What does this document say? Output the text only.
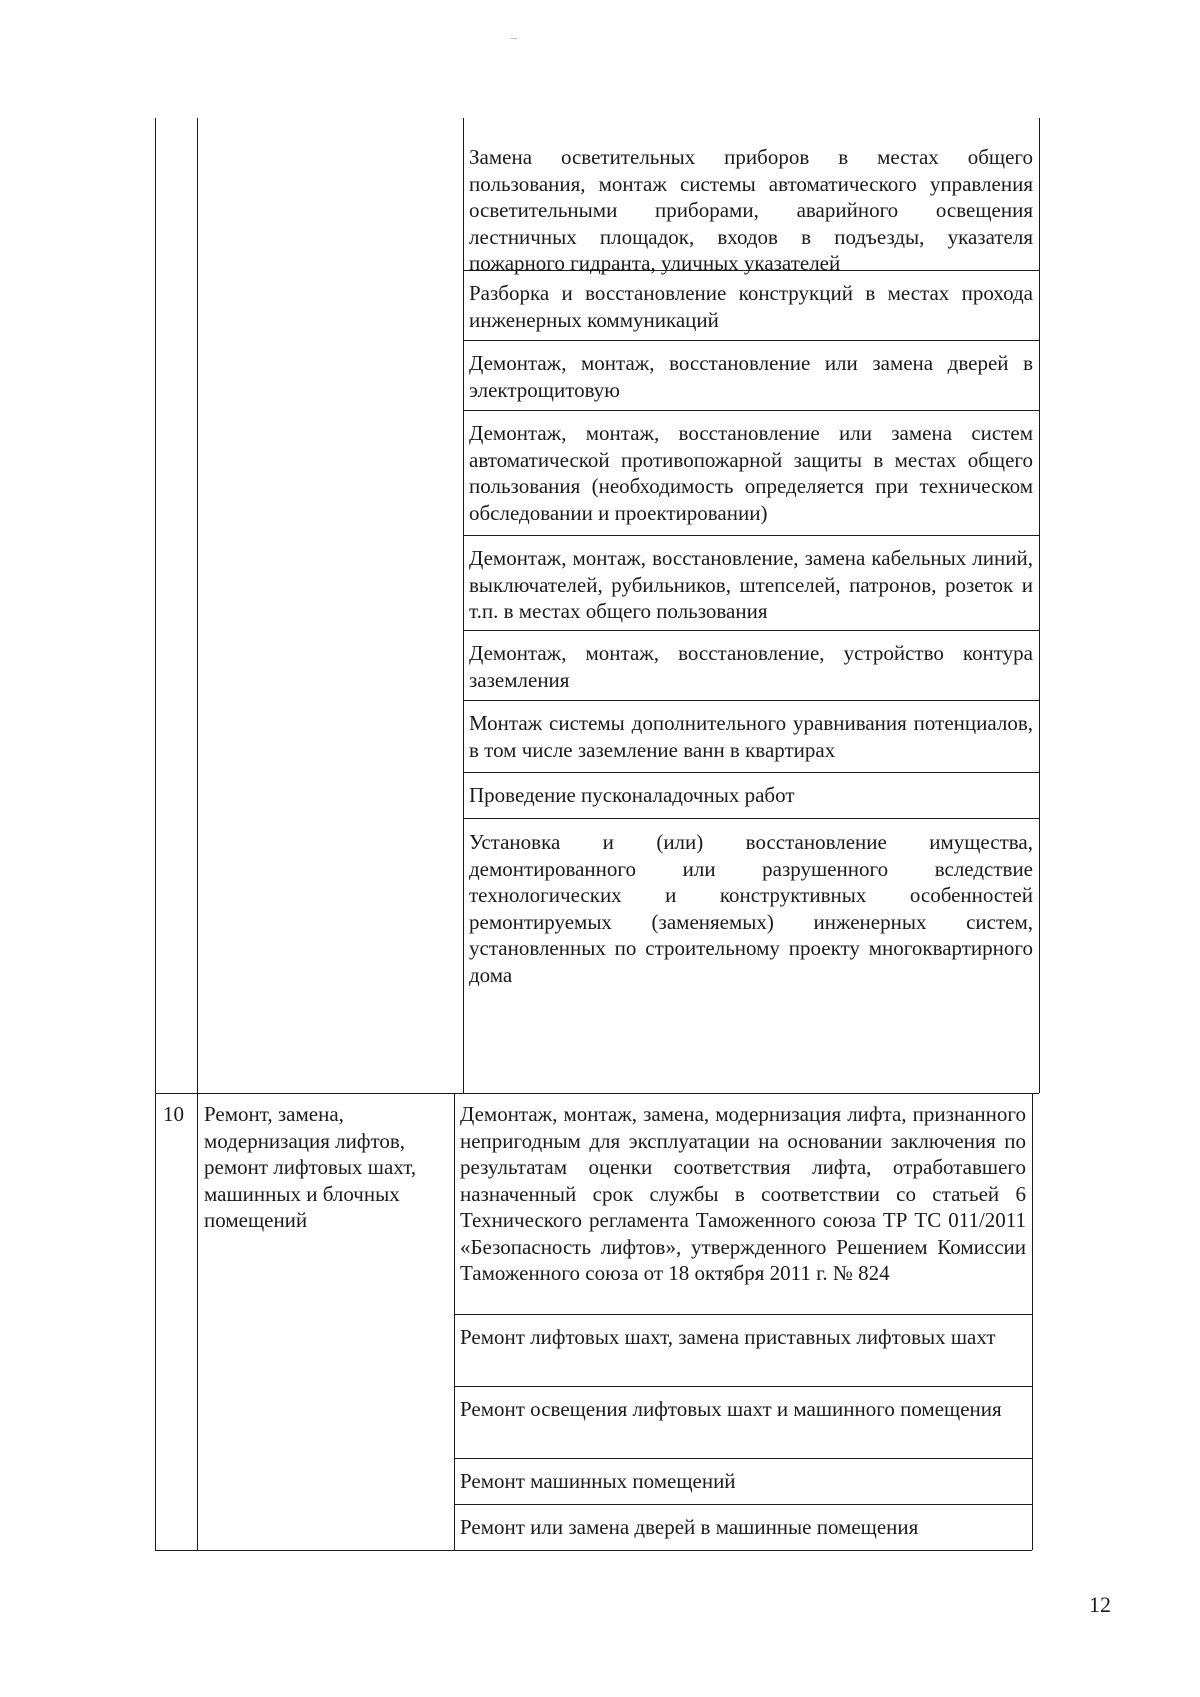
Замена осветительных приборов в местах общего пользования, монтаж системы автоматического управления осветительными приборами, аварийного освещения лестничных площадок, входов в подъезды, указателя пожарного гидранта, уличных указателей
Разборка и восстановление конструкций в местах прохода инженерных коммуникаций
Демонтаж, монтаж, восстановление или замена дверей в электрощитовую
Демонтаж, монтаж, восстановление или замена систем автоматической противопожарной защиты в местах общего пользования (необходимость определяется при техническом обследовании и проектировании)
Демонтаж, монтаж, восстановление, замена кабельных линий, выключателей, рубильников, штепселей, патронов, розеток и т.п. в местах общего пользования
Демонтаж, монтаж, восстановление, устройство контура заземления
Монтаж системы дополнительного уравнивания потенциалов, в том числе заземление ванн в квартирах
Проведение пусконаладочных работ
Установка и (или) восстановление имущества, демонтированного или разрушенного вследствие технологических и конструктивных особенностей ремонтируемых (заменяемых) инженерных систем, установленных по строительному проекту многоквартирного дома
10 Ремонт, замена, модернизация лифтов, ремонт лифтовых шахт, машинных и блочных помещений
Демонтаж, монтаж, замена, модернизация лифта, признанного непригодным для эксплуатации на основании заключения по результатам оценки соответствия лифта, отработавшего назначенный срок службы в соответствии со статьей 6 Технического регламента Таможенного союза ТР ТС 011/2011 «Безопасность лифтов», утвержденного Решением Комиссии Таможенного союза от 18 октября 2011 г. № 824
Ремонт лифтовых шахт, замена приставных лифтовых шахт
Ремонт освещения лифтовых шахт и машинного помещения
Ремонт машинных помещений
Ремонт или замена дверей в машинные помещения
12
